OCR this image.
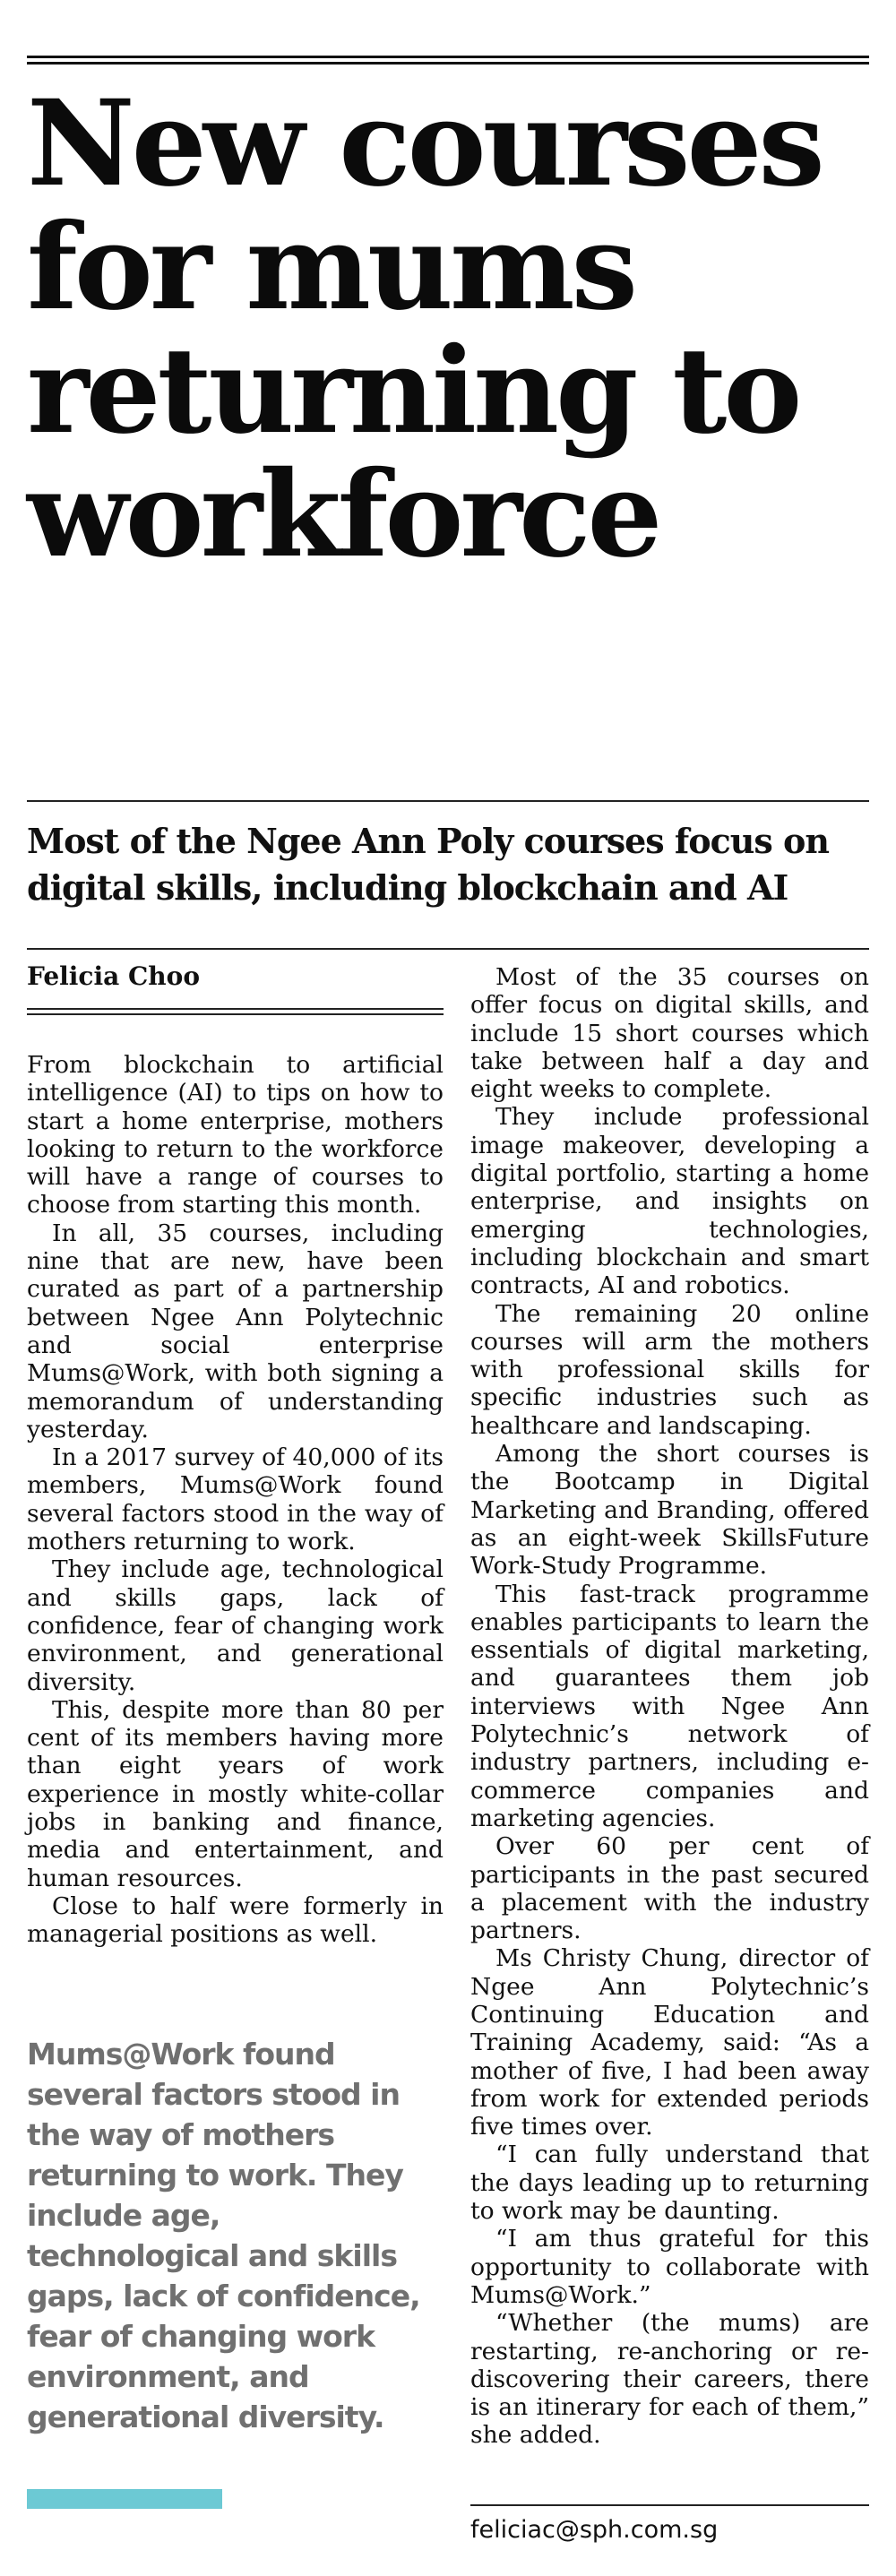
New courses for mums returning to workforce
Most of the Ngee Ann Poly courses focus on digital skills, including blockchain and AI
Felicia Choo

From blockchain to artificial intelligence (AI) to tips on how to start a home enterprise, mothers looking to return to the workforce will have a range of courses to choose from starting this month.

In all, 35 courses, including nine that are new, have been curated as part of a partnership between Ngee Ann Polytechnic and social enterprise Mums@Work, with both signing a memorandum of understanding yesterday.

In a 2017 survey of 40,000 of its members, Mums@Work found several factors stood in the way of mothers returning to work.

They include age, technological and skills gaps, lack of confidence, fear of changing work environment, and generational diversity.

This, despite more than 80 per cent of its members having more than eight years of work experience in mostly white-collar jobs in banking and finance, media and entertainment, and human resources.

Close to half were formerly in managerial positions as well.

Most of the 35 courses on offer focus on digital skills, and include 15 short courses which take between half a day and eight weeks to complete.

They include professional image makeover, developing a digital portfolio, starting a home enterprise, and insights on emerging technologies, including blockchain and smart contracts, AI and robotics.

The remaining 20 online courses will arm the mothers with professional skills for specific industries such as healthcare and landscaping.

Among the short courses is the Bootcamp in Digital Marketing and Branding, offered as an eight-week SkillsFuture Work-Study Programme.

This fast-track programme enables participants to learn the essentials of digital marketing, and guarantees them job interviews with Ngee Ann Polytechnic’s network of industry partners, including e-commerce companies and marketing agencies.

Over 60 per cent of participants in the past secured a placement with the industry partners.

Ms Christy Chung, director of Ngee Ann Polytechnic’s Continuing Education and Training Academy, said: “As a mother of five, I had been away from work for extended periods five times over.

“I can fully understand that the days leading up to returning to work may be daunting.

“I am thus grateful for this opportunity to collaborate with Mums@Work.”

“Whether (the mums) are restarting, re-anchoring or re-discovering their careers, there is an itinerary for each of them,” she added.

Mums@Work found several factors stood in the way of mothers returning to work. They include age, technological and skills gaps, lack of confidence, fear of changing work environment, and generational diversity.

feliciac@sph.com.sg
